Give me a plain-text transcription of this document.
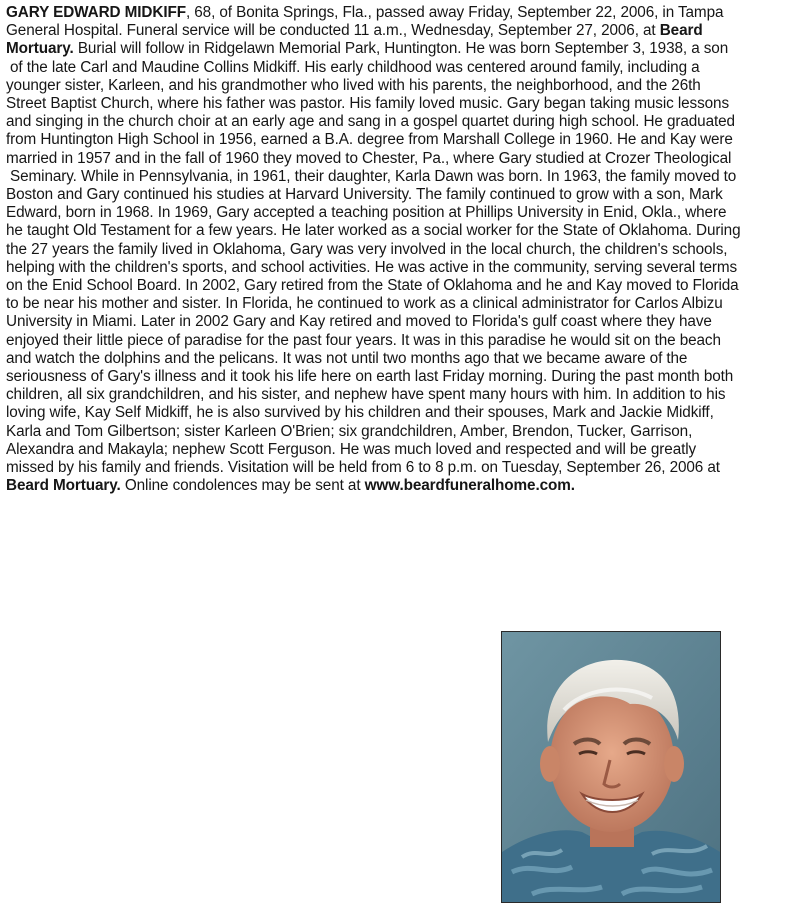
GARY EDWARD MIDKIFF, 68, of Bonita Springs, Fla., passed away Friday, September 22, 2006, in Tampa
General Hospital. Funeral service will be conducted 11 a.m., Wednesday, September 27, 2006, at Beard
Mortuary. Burial will follow in Ridgelawn Memorial Park, Huntington. He was born September 3, 1938, a son
of the late Carl and Maudine Collins Midkiff. His early childhood was centered around family, including a
younger sister, Karleen, and his grandmother who lived with his parents, the neighborhood, and the 26th
Street Baptist Church, where his father was pastor. His family loved music. Gary began taking music lessons
and singing in the church choir at an early age and sang in a gospel quartet during high school. He graduated
from Huntington High School in 1956, earned a B.A. degree from Marshall College in 1960. He and Kay were
married in 1957 and in the fall of 1960 they moved to Chester, Pa., where Gary studied at Crozer Theological
Seminary. While in Pennsylvania, in 1961, their daughter, Karla Dawn was born. In 1963, the family moved to
Boston and Gary continued his studies at Harvard University. The family continued to grow with a son, Mark
Edward, born in 1968. In 1969, Gary accepted a teaching position at Phillips University in Enid, Okla., where
he taught Old Testament for a few years. He later worked as a social worker for the State of Oklahoma. During
the 27 years the family lived in Oklahoma, Gary was very involved in the local church, the children's schools,
helping with the children's sports, and school activities. He was active in the community, serving several terms
on the Enid School Board. In 2002, Gary retired from the State of Oklahoma and he and Kay moved to Florida
to be near his mother and sister. In Florida, he continued to work as a clinical administrator for Carlos Albizu
University in Miami. Later in 2002 Gary and Kay retired and moved to Florida's gulf coast where they have
enjoyed their little piece of paradise for the past four years. It was in this paradise he would sit on the beach
and watch the dolphins and the pelicans. It was not until two months ago that we became aware of the
seriousness of Gary's illness and it took his life here on earth last Friday morning. During the past month both
children, all six grandchildren, and his sister, and nephew have spent many hours with him. In addition to his
loving wife, Kay Self Midkiff, he is also survived by his children and their spouses, Mark and Jackie Midkiff,
Karla and Tom Gilbertson; sister Karleen O'Brien; six grandchildren, Amber, Brendon, Tucker, Garrison,
Alexandra and Makayla; nephew Scott Ferguson. He was much loved and respected and will be greatly
missed by his family and friends. Visitation will be held from 6 to 8 p.m. on Tuesday, September 26, 2006 at
Beard Mortuary. Online condolences may be sent at www.beardfuneralhome.com.
